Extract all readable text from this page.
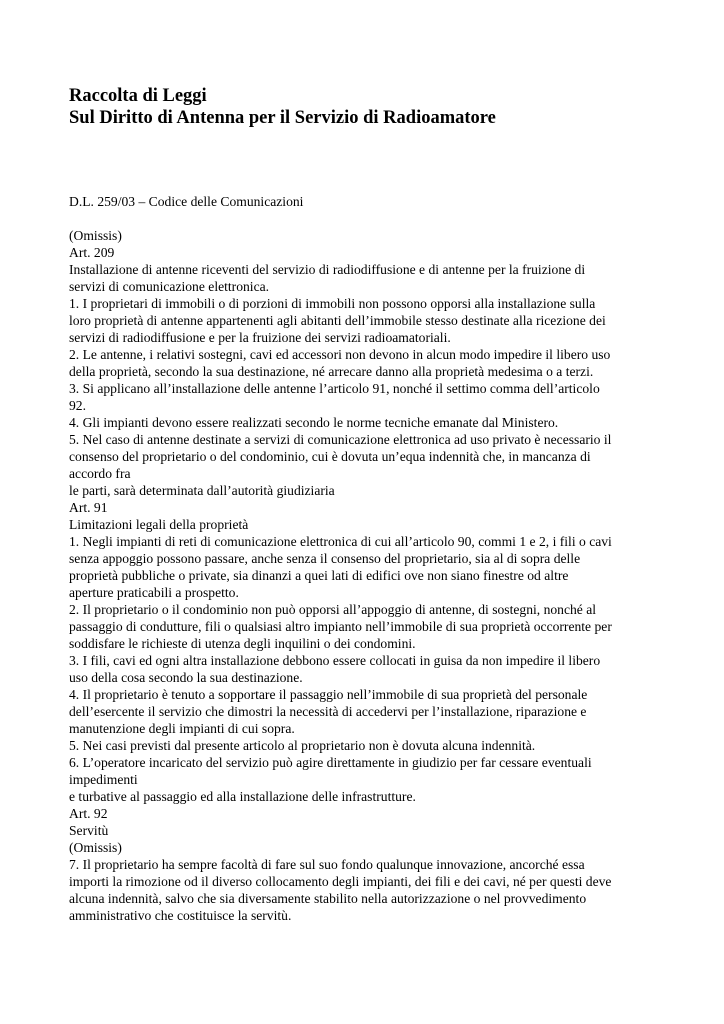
Raccolta di Leggi
Sul Diritto di Antenna per il Servizio di Radioamatore
D.L. 259/03 – Codice delle Comunicazioni
(Omissis)
Art. 209
Installazione di antenne riceventi del servizio di radiodiffusione e di antenne per la fruizione di
servizi di comunicazione elettronica.
1. I proprietari di immobili o di porzioni di immobili non possono opporsi alla installazione sulla
loro proprietà di antenne appartenenti agli abitanti dell’immobile stesso destinate alla ricezione dei
servizi di radiodiffusione e per la fruizione dei servizi radioamatoriali.
2. Le antenne, i relativi sostegni, cavi ed accessori non devono in alcun modo impedire il libero uso
della proprietà, secondo la sua destinazione, né arrecare danno alla proprietà medesima o a terzi.
3. Si applicano all’installazione delle antenne l’articolo 91, nonché il settimo comma dell’articolo
92.
4. Gli impianti devono essere realizzati secondo le norme tecniche emanate dal Ministero.
5. Nel caso di antenne destinate a servizi di comunicazione elettronica ad uso privato è necessario il
consenso del proprietario o del condominio, cui è dovuta un’equa indennità che, in mancanza di
accordo fra
le parti, sarà determinata dall’autorità giudiziaria
Art. 91
Limitazioni legali della proprietà
1. Negli impianti di reti di comunicazione elettronica di cui all’articolo 90, commi 1 e 2, i fili o cavi
senza appoggio possono passare, anche senza il consenso del proprietario, sia al di sopra delle
proprietà pubbliche o private, sia dinanzi a quei lati di edifici ove non siano finestre od altre
aperture praticabili a prospetto.
2. Il proprietario o il condominio non può opporsi all’appoggio di antenne, di sostegni, nonché al
passaggio di condutture, fili o qualsiasi altro impianto nell’immobile di sua proprietà occorrente per
soddisfare le richieste di utenza degli inquilini o dei condomini.
3. I fili, cavi ed ogni altra installazione debbono essere collocati in guisa da non impedire il libero
uso della cosa secondo la sua destinazione.
4. Il proprietario è tenuto a sopportare il passaggio nell’immobile di sua proprietà del personale
dell’esercente il servizio che dimostri la necessità di accedervi per l’installazione, riparazione e
manutenzione degli impianti di cui sopra.
5. Nei casi previsti dal presente articolo al proprietario non è dovuta alcuna indennità.
6. L’operatore incaricato del servizio può agire direttamente in giudizio per far cessare eventuali
impedimenti
e turbative al passaggio ed alla installazione delle infrastrutture.
Art. 92
Servitù
(Omissis)
7. Il proprietario ha sempre facoltà di fare sul suo fondo qualunque innovazione, ancorché essa
importi la rimozione od il diverso collocamento degli impianti, dei fili e dei cavi, né per questi deve
alcuna indennità, salvo che sia diversamente stabilito nella autorizzazione o nel provvedimento
amministrativo che costituisce la servitù.
